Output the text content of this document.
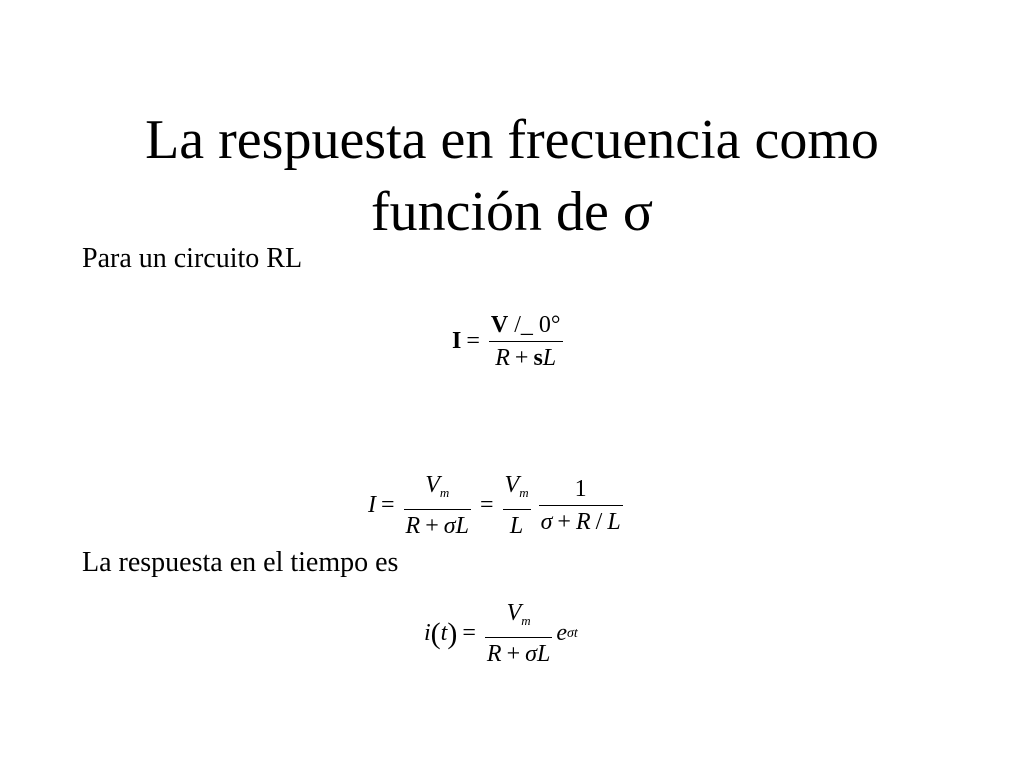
La respuesta en frecuencia como
función de σ
Para un circuito RL
$I = \frac{V /\_ 0^\circ}{R + sL}$
$I = \frac{V_m}{R + \sigma L} = \frac{V_m}{L} \frac{1}{\sigma + R / L}$
La respuesta en el tiempo es
i ( t ) = $\frac{V_m}{R + \sigma L}$ e σt
